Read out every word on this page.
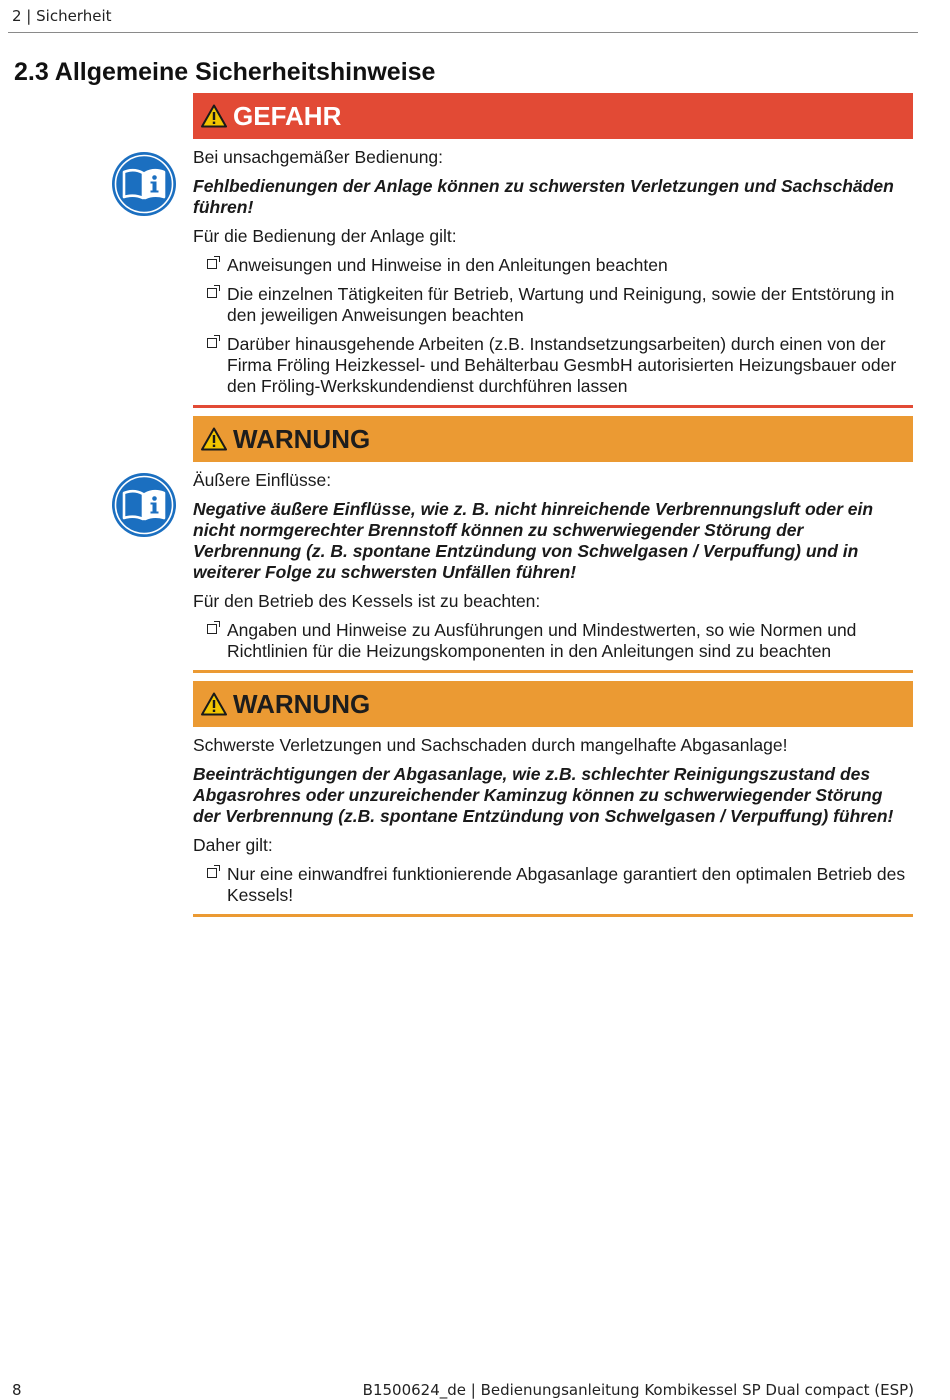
2 | Sicherheit
2.3 Allgemeine Sicherheitshinweise
GEFAHR

Bei unsachgemäßer Bedienung:

Fehlbedienungen der Anlage können zu schwersten Verletzungen und Sachschäden führen!

Für die Bedienung der Anlage gilt:

Anweisungen und Hinweise in den Anleitungen beachten
Die einzelnen Tätigkeiten für Betrieb, Wartung und Reinigung, sowie der Entstörung in den jeweiligen Anweisungen beachten
Darüber hinausgehende Arbeiten (z.B. Instandsetzungsarbeiten) durch einen von der Firma Fröling Heizkessel- und Behälterbau GesmbH autorisierten Heizungsbauer oder den Fröling-Werkskundendienst durchführen lassen
WARNUNG

Äußere Einflüsse:

Negative äußere Einflüsse, wie z. B. nicht hinreichende Verbrennungsluft oder ein nicht normgerechter Brennstoff können zu schwerwiegender Störung der Verbrennung (z. B. spontane Entzündung von Schwelgasen / Verpuffung) und in weiterer Folge zu schwersten Unfällen führen!

Für den Betrieb des Kessels ist zu beachten:

Angaben und Hinweise zu Ausführungen und Mindestwerten, so wie Normen und Richtlinien für die Heizungskomponenten in den Anleitungen sind zu beachten
WARNUNG

Schwerste Verletzungen und Sachschaden durch mangelhafte Abgasanlage!

Beeinträchtigungen der Abgasanlage, wie z.B. schlechter Reinigungszustand des Abgasrohres oder unzureichender Kaminzug können zu schwerwiegender Störung der Verbrennung (z.B. spontane Entzündung von Schwelgasen / Verpuffung) führen!

Daher gilt:

Nur eine einwandfrei funktionierende Abgasanlage garantiert den optimalen Betrieb des Kessels!
8	B1500624_de | Bedienungsanleitung Kombikessel SP Dual compact (ESP)
